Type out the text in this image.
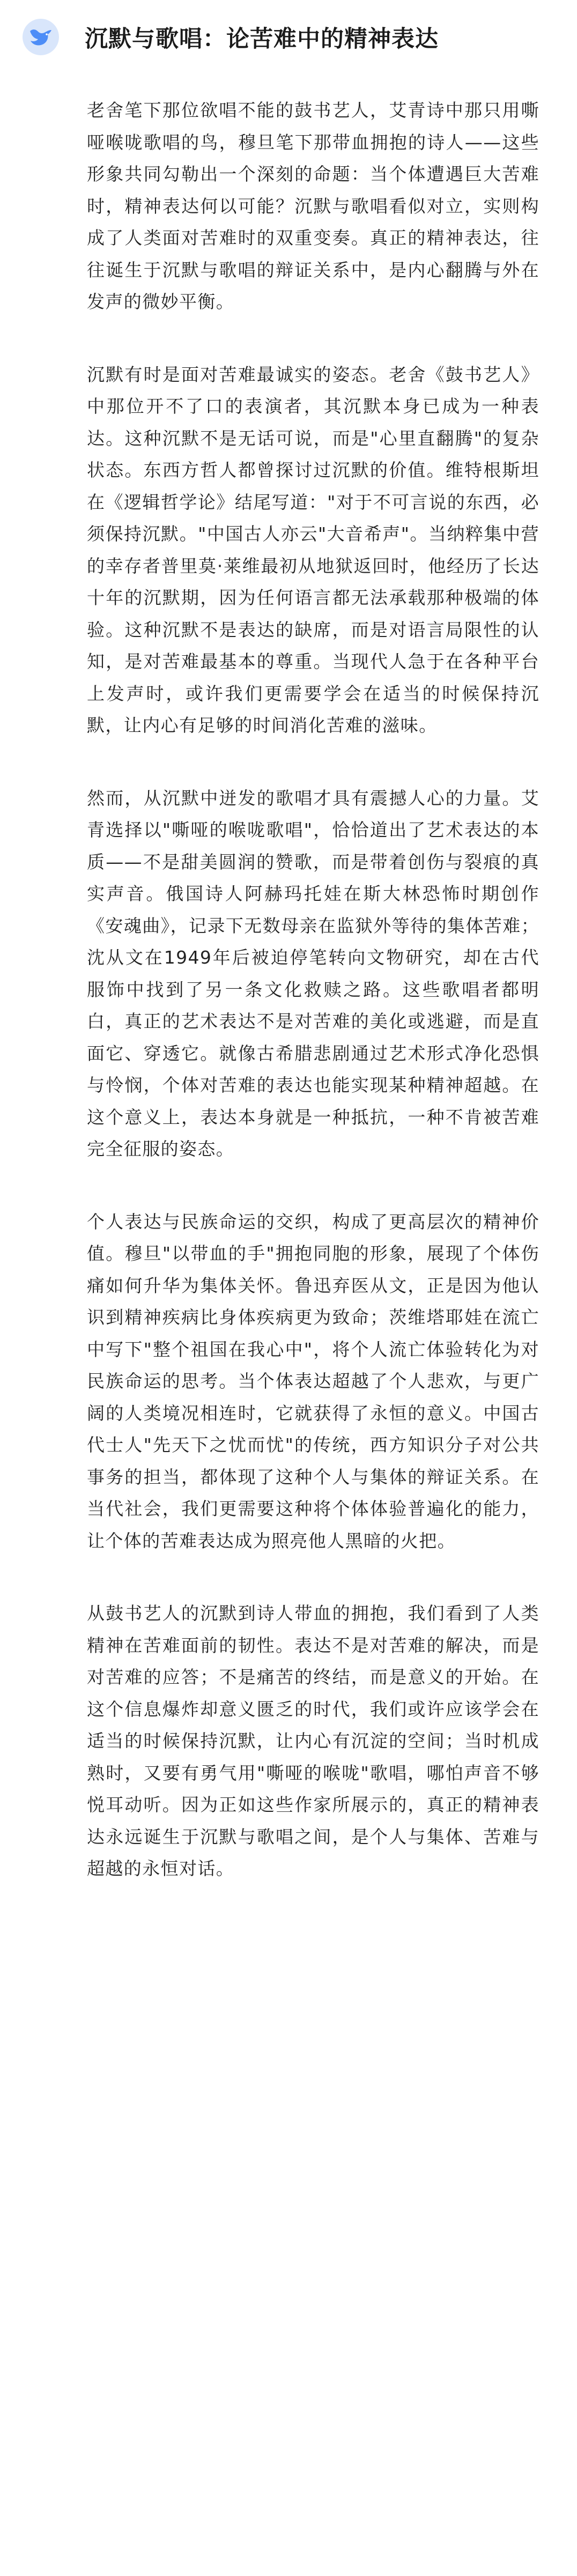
沉默与歌唱：论苦难中的精神表达

老舍笔下那位欲唱不能的鼓书艺人，艾青诗中那只用嘶哑喉咙歌唱的鸟，穆旦笔下那带血拥抱的诗人——这些形象共同勾勒出一个深刻的命题：当个体遭遇巨大苦难时，精神表达何以可能？沉默与歌唱看似对立，实则构成了人类面对苦难时的双重变奏。真正的精神表达，往往诞生于沉默与歌唱的辩证关系中，是内心翻腾与外在发声的微妙平衡。

沉默有时是面对苦难最诚实的姿态。老舍《鼓书艺人》中那位开不了口的表演者，其沉默本身已成为一种表达。这种沉默不是无话可说，而是"心里直翻腾"的复杂状态。东西方哲人都曾探讨过沉默的价值。维特根斯坦在《逻辑哲学论》结尾写道："对于不可言说的东西，必须保持沉默。"中国古人亦云"大音希声"。当纳粹集中营的幸存者普里莫·莱维最初从地狱返回时，他经历了长达十年的沉默期，因为任何语言都无法承载那种极端的体验。这种沉默不是表达的缺席，而是对语言局限性的认知，是对苦难最基本的尊重。当现代人急于在各种平台上发声时，或许我们更需要学会在适当的时候保持沉默，让内心有足够的时间消化苦难的滋味。

然而，从沉默中迸发的歌唱才具有震撼人心的力量。艾青选择以"嘶哑的喉咙歌唱"，恰恰道出了艺术表达的本质——不是甜美圆润的赞歌，而是带着创伤与裂痕的真实声音。俄国诗人阿赫玛托娃在斯大林恐怖时期创作《安魂曲》，记录下无数母亲在监狱外等待的集体苦难；沈从文在1949年后被迫停笔转向文物研究，却在古代服饰中找到了另一条文化救赎之路。这些歌唱者都明白，真正的艺术表达不是对苦难的美化或逃避，而是直面它、穿透它。就像古希腊悲剧通过艺术形式净化恐惧与怜悯，个体对苦难的表达也能实现某种精神超越。在这个意义上，表达本身就是一种抵抗，一种不肯被苦难完全征服的姿态。

个人表达与民族命运的交织，构成了更高层次的精神价值。穆旦"以带血的手"拥抱同胞的形象，展现了个体伤痛如何升华为集体关怀。鲁迅弃医从文，正是因为他认识到精神疾病比身体疾病更为致命；茨维塔耶娃在流亡中写下"整个祖国在我心中"，将个人流亡体验转化为对民族命运的思考。当个体表达超越了个人悲欢，与更广阔的人类境况相连时，它就获得了永恒的意义。中国古代士人"先天下之忧而忧"的传统，西方知识分子对公共事务的担当，都体现了这种个人与集体的辩证关系。在当代社会，我们更需要这种将个体体验普遍化的能力，让个体的苦难表达成为照亮他人黑暗的火把。

从鼓书艺人的沉默到诗人带血的拥抱，我们看到了人类精神在苦难面前的韧性。表达不是对苦难的解决，而是对苦难的应答；不是痛苦的终结，而是意义的开始。在这个信息爆炸却意义匮乏的时代，我们或许应该学会在适当的时候保持沉默，让内心有沉淀的空间；当时机成熟时，又要有勇气用"嘶哑的喉咙"歌唱，哪怕声音不够悦耳动听。因为正如这些作家所展示的，真正的精神表达永远诞生于沉默与歌唱之间，是个人与集体、苦难与超越的永恒对话。
